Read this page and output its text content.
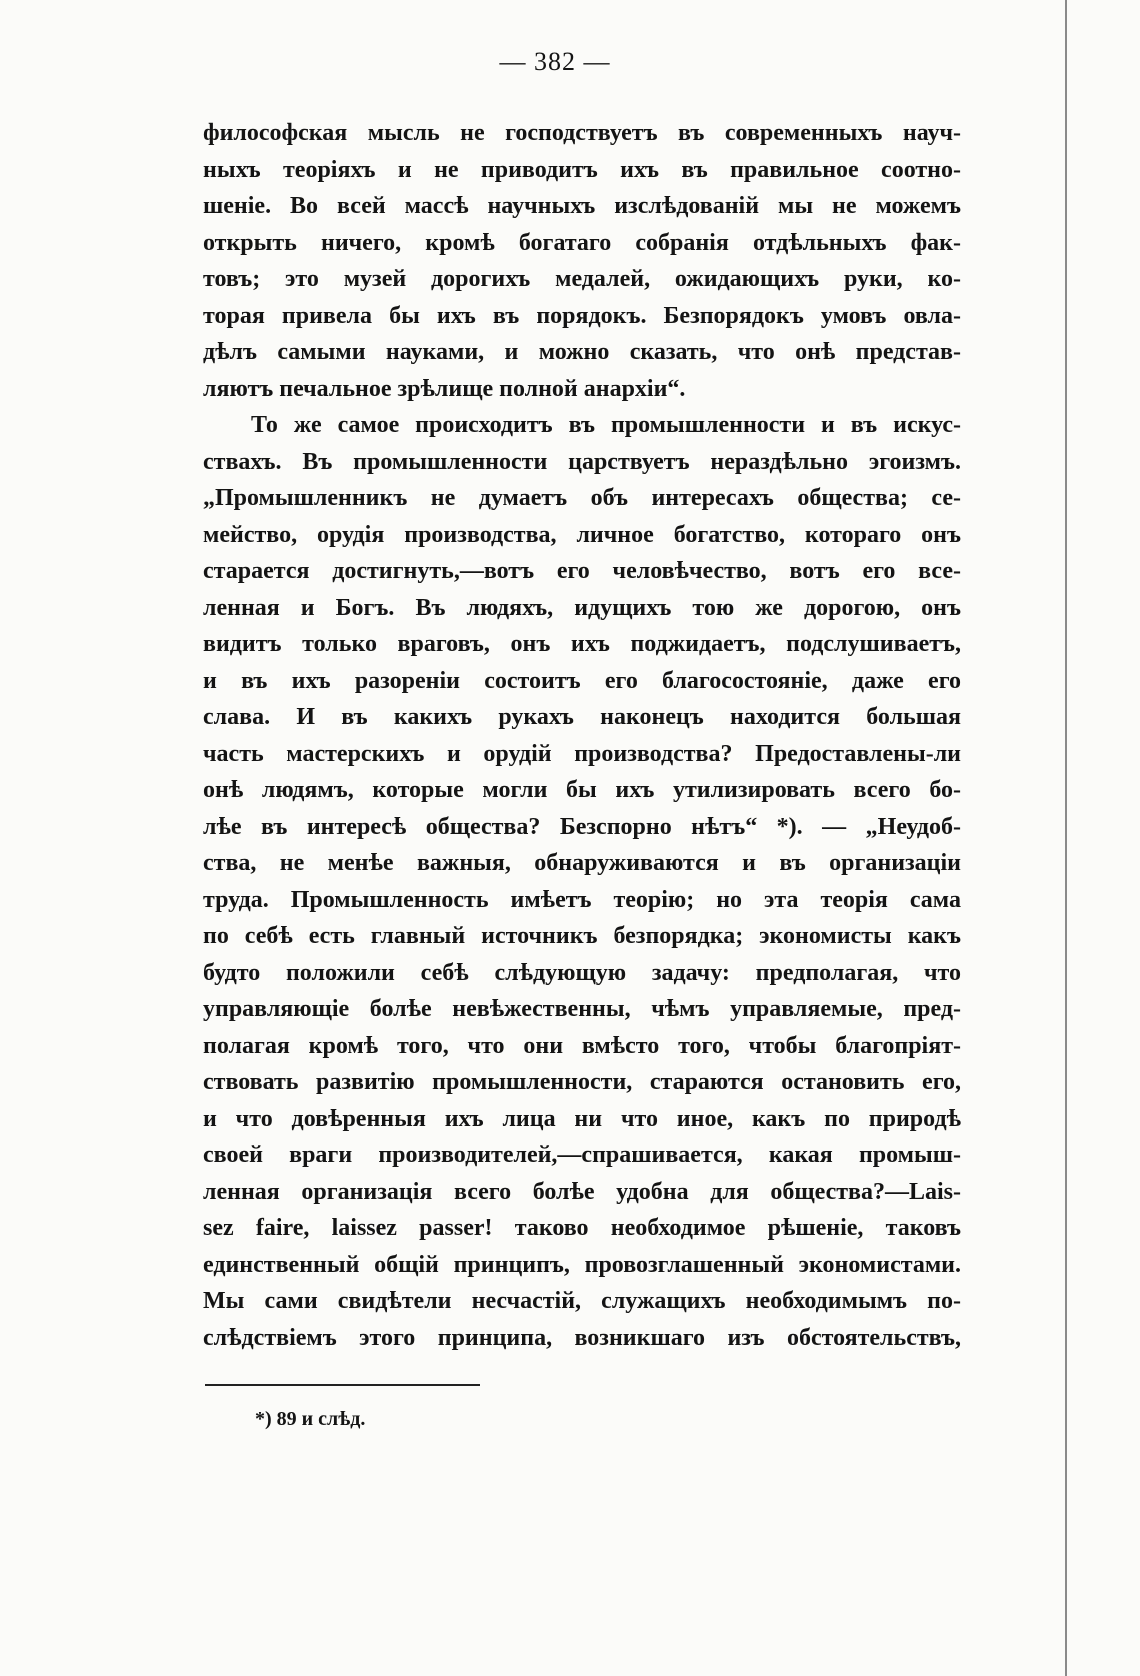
— 382 —
философская мысль не господствуетъ въ современныхъ науч-
ныхъ теоріяхъ и не приводитъ ихъ въ правильное соотно-
шеніе. Во всей массѣ научныхъ изслѣдованій мы не можемъ
открыть ничего, кромѣ богатаго собранія отдѣльныхъ фак-
товъ; это музей дорогихъ медалей, ожидающихъ руки, ко-
торая привела бы ихъ въ порядокъ. Безпорядокъ умовъ овла-
дѣлъ самыми науками, и можно сказать, что онѣ представ-
ляютъ печальное зрѣлище полной анархіи“.
То же самое происходитъ въ промышленности и въ искус-
ствахъ. Въ промышленности царствуетъ нераздѣльно эгоизмъ.
„Промышленникъ не думаетъ объ интересахъ общества; се-
мейство, орудія производства, личное богатство, котораго онъ
старается достигнуть,—вотъ его человѣчество, вотъ его все-
ленная и Богъ. Въ людяхъ, идущихъ тою же дорогою, онъ
видитъ только враговъ, онъ ихъ поджидаетъ, подслушиваетъ,
и въ ихъ разореніи состоитъ его благосостояніе, даже его
слава. И въ какихъ рукахъ наконецъ находится большая
часть мастерскихъ и орудій производства? Предоставлены-ли
онѣ людямъ, которые могли бы ихъ утилизировать всего бо-
лѣе въ интересѣ общества? Безспорно нѣтъ“ *). — „Неудоб-
ства, не менѣе важныя, обнаруживаются и въ организаціи
труда. Промышленность имѣетъ теорію; но эта теорія сама
по себѣ есть главный источникъ безпорядка; экономисты какъ
будто положили себѣ слѣдующую задачу: предполагая, что
управляющіе болѣе невѣжественны, чѣмъ управляемые, пред-
полагая кромѣ того, что они вмѣсто того, чтобы благопріят-
ствовать развитію промышленности, стараются остановить его,
и что довѣренныя ихъ лица ни что иное, какъ по природѣ
своей враги производителей,—спрашивается, какая промыш-
ленная организація всего болѣе удобна для общества?—Lais-
sez faire, laissez passer! таково необходимое рѣшеніе, таковъ
единственный общій принципъ, провозглашенный экономистами.
Мы сами свидѣтели несчастій, служащихъ необходимымъ по-
слѣдствіемъ этого принципа, возникшаго изъ обстоятельствъ,
*) 89 и слѣд.
